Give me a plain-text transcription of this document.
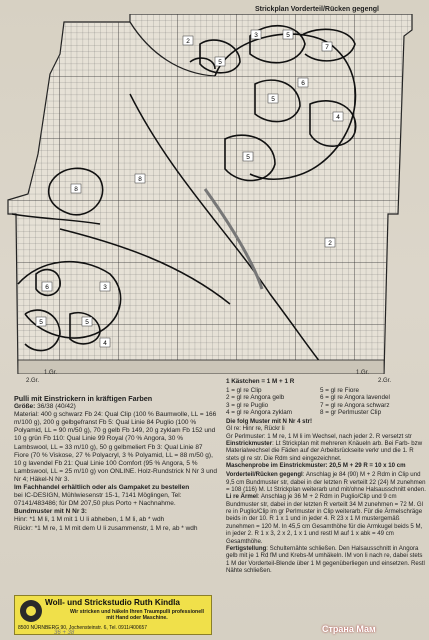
Strickplan Vorderteil/Rücken gegengl
2
3	5
7
5
5
4
6
5
8
8
2
3
6
5
5
4
2.Gr.
1.Gr.
2.Gr.
1.Gr.

Pulli mit Einstrickern in kräftigen Farben

Größe: 36/38 (40/42)

Material: 400 g schwarz Fb 24: Qual Clip (100 % Baumwolle, LL = 166 m/100 g), 200 g gelbgefranst Fb 5: Qual Linie 84 Puglio (100 % Polyamid, LL = 90 m/50 g), 70 g gelb Fb 149, 20 g zyklam Fb 152 und 10 g grün Fb 110: Qual Linie 99 Royal (70 % Angora, 30 % Lambswool, LL = 33 m/10 g), 50 g gelbmeliert Fb 3: Qual Linie 87 Fiore (70 % Viskose, 27 % Polyacryl, 3 % Polyamid, LL = 88 m/50 g), 10 g lavendel Fb 21: Qual Linie 100 Comfort (95 % Angora, 5 % Lambswool, LL = 25 m/10 g) von ONLINE. Holz-Rundstrick N Nr 3 und Nr 4; Häkel-N Nr 3.

Im Fachhandel erhältlich oder als Gampaket zu bestellen

bei IC-DESIGN, Mühlwiesenstr 15-1, 7141 Möglingen, Tel: 07141/483486; für DM 207,50 plus Porto + Nachnahme.

Bundmuster mit N Nr 3:

Hinr: *1 M li, 1 M mit 1 U li abheben, 1 M li, ab * wdh

Rückr: *1 M re, 1 M mit dem U li zusammenstr, 1 M re, ab * wdh

1 Kästchen = 1 M + 1 R

1 = gl re Clip
2 = gl re Angora gelb
3 = gl re Puglio
4 = gl re Angora zyklam
5 = gl re Fiore
6 = gl re Angora lavendel
7 = gl re Angora schwarz
8 = gr Perlmuster Clip

Die folg Muster mit N Nr 4 str!

Gl re: Hinr re, Rückr li

Gr Perlmuster: 1 M re, 1 M li im Wechsel, nach jeder 2. R versetzt str

Einstrickmuster: Lt Strickplan mit mehreren Knäueln arb. Bei Farb- bzw Materialwechsel die Fäden auf der Arbeitsrückseite verkr und die 1. R stets gl re str. Die Rdm sind eingezeichnet.

Maschenprobe im Einstrickmuster: 20,5 M + 29 R = 10 x 10 cm

Vorderteil/Rücken gegengl: Anschlag je 84 (90) M + 2 Rdm in Clip und 9,5 cm Bundmuster str, dabei in der letzten R verteilt 22 (24) M zunehmen = 108 (116) M. Lt Strickplan weiterarb und mit/ohne Halsausschnitt enden.

Li re Ärmel: Anschlag je 36 M + 2 Rdm in Puglio/Clip und 9 cm Bundmuster str, dabei in der letzten R verteilt 34 M zunehmen = 72 M. Gl re in Puglio/Clip im gr Perlmuster in Clip weiterarb. Für die Ärmelschräge beids in der 10. R 1 x 1 und in jeder 4. R 23 x 1 M mustergemäß zunehmen = 120 M. In 45,5 cm Gesamthöhe für die Armkugel beids 5 M, in jeder 2. R 1 x 3, 2 x 2, 1 x 1 und restl M auf 1 x abk = 49 cm Gesamthöhe.

Fertigstellung: Schulternähte schließen. Den Halsausschnitt in Angora gelb mit je 1 Rd fM und Krebs-M umhäkeln. IM von li nach re, dabei stets 1 M der Vorderteil-Blende über 1 M gegenüberliegen und einsetzen. Restl Nähte schließen.

Woll- und Strickstudio Ruth Kindla
Wir stricken und häkeln Ihren Traumpulli professionell mit Hand oder Maschine.
8500 NÜRNBERG 90, Jochensteinstr. 6, Tel. 0911/400657
36 + 38	Страна Мам
